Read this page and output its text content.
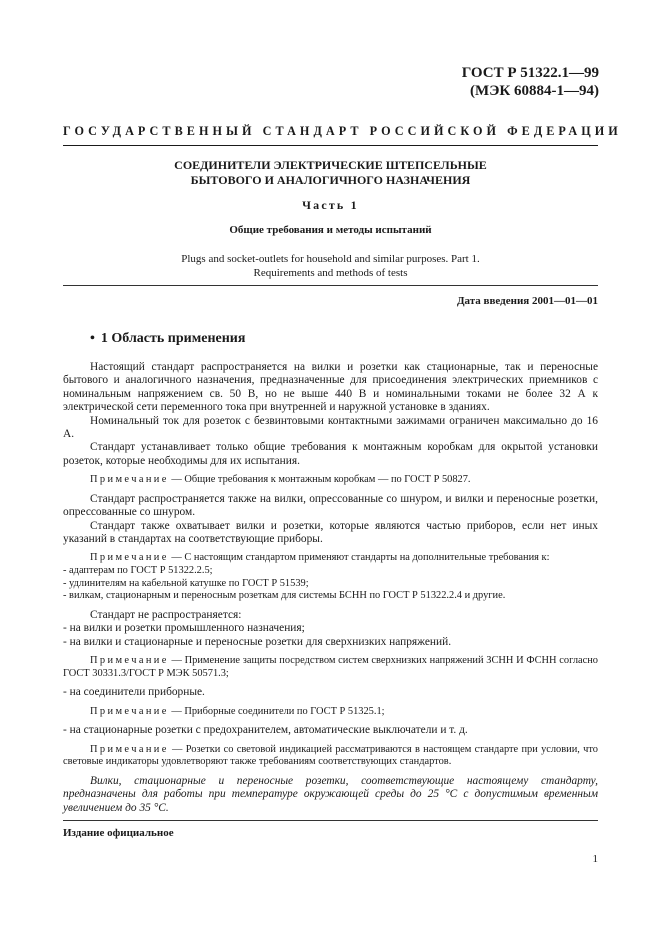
ГОСТ Р 51322.1—99
(МЭК 60884-1—94)
ГОСУДАРСТВЕННЫЙ СТАНДАРТ РОССИЙСКОЙ ФЕДЕРАЦИИ
СОЕДИНИТЕЛИ ЭЛЕКТРИЧЕСКИЕ ШТЕПСЕЛЬНЫЕ
БЫТОВОГО И АНАЛОГИЧНОГО НАЗНАЧЕНИЯ
Часть 1
Общие требования и методы испытаний
Plugs and socket-outlets for household and similar purposes. Part 1.
Requirements and methods of tests
Дата введения 2001—01—01
• 1 Область применения

Настоящий стандарт распространяется на вилки и розетки как стационарные, так и переносные бытового и аналогичного назначения, предназначенные для присоединения электрических приемников с номинальным напряжением св. 50 В, но не выше 440 В и номинальными токами не более 32 А к электрической сети переменного тока при внутренней и наружной установке в зданиях.

Номинальный ток для розеток с безвинтовыми контактными зажимами ограничен максимально до 16 А.

Стандарт устанавливает только общие требования к монтажным коробкам для окрытой установки розеток, которые необходимы для их испытания.

Примечание — Общие требования к монтажным коробкам — по ГОСТ Р 50827.

Стандарт распространяется также на вилки, опрессованные со шнуром, и вилки и переносные розетки, опрессованные со шнуром.

Стандарт также охватывает вилки и розетки, которые являются частью приборов, если нет иных указаний в стандартах на соответствующие приборы.

Примечание — С настоящим стандартом применяют стандарты на дополнительные требования к:

- адаптерам по ГОСТ Р 51322.2.5;

- удлинителям на кабельной катушке по ГОСТ Р 51539;

- вилкам, стационарным и переносным розеткам для системы БСНН по ГОСТ Р 51322.2.4 и другие.

Стандарт не распространяется:

- на вилки и розетки промышленного назначения;

- на вилки и стационарные и переносные розетки для сверхнизких напряжений.

Примечание — Применение защиты посредством систем сверхнизких напряжений ЗСНН И ФСНН согласно ГОСТ 30331.3/ГОСТ Р МЭК 50571.3;

- на соединители приборные.

Примечание — Приборные соединители по ГОСТ Р 51325.1;

- на стационарные розетки с предохранителем, автоматические выключатели и т. д.

Примечание — Розетки со световой индикацией рассматриваются в настоящем стандарте при условии, что световые индикаторы удовлетворяют также требованиям соответствующих стандартов.

Вилки, стационарные и переносные розетки, соответствующие настоящему стандарту, предназначены для работы при температуре окружающей среды до 25 °С с допустимым временным увеличением до 35 °С.

Издание официальное
1
